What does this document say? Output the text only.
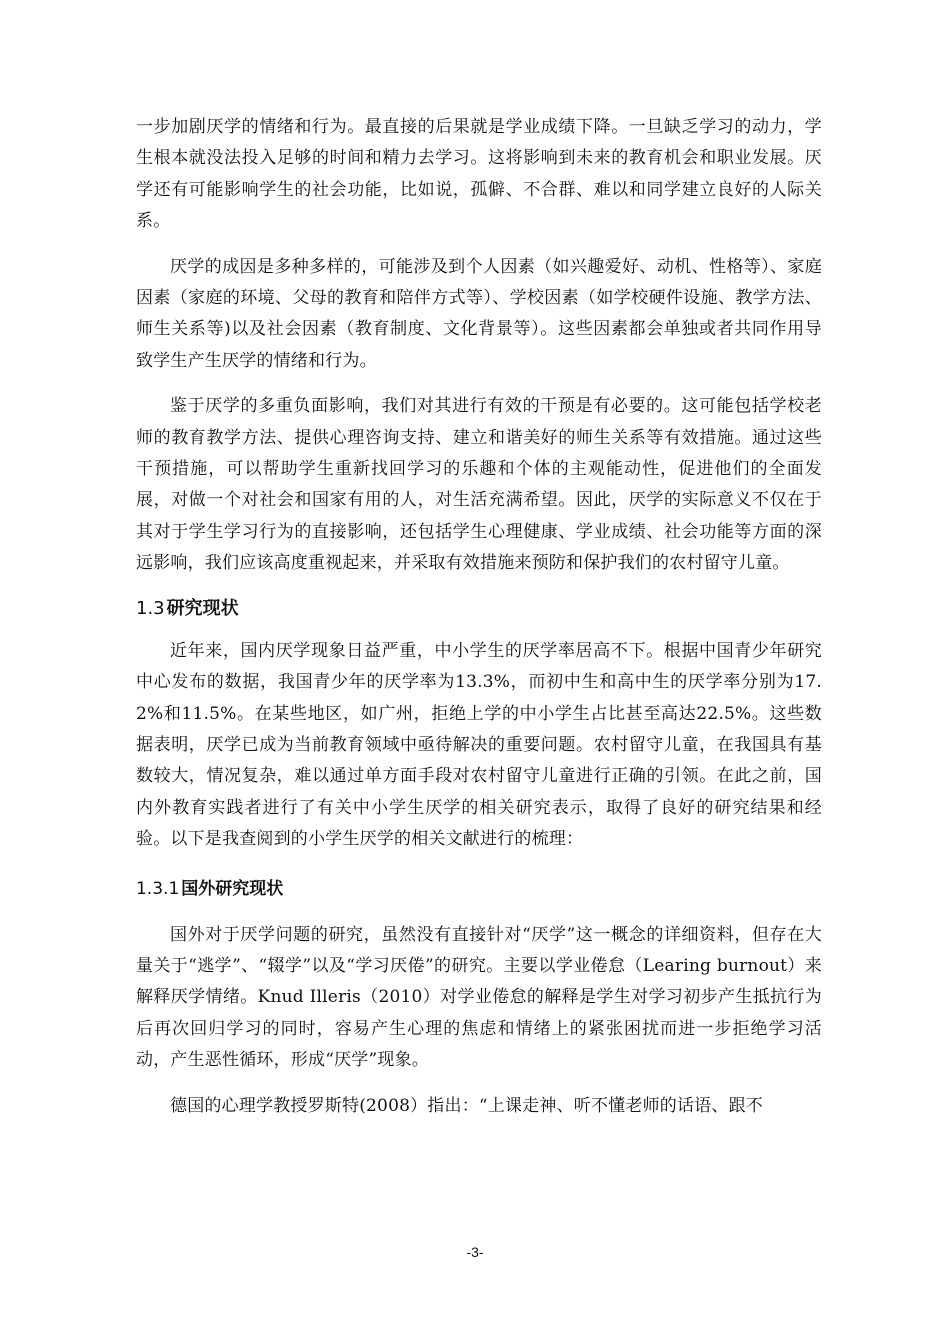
一步加剧厌学的情绪和行为。最直接的后果就是学业成绩下降。一旦缺乏学习的动力，学生根本就没法投入足够的时间和精力去学习。这将影响到未来的教育机会和职业发展。厌学还有可能影响学生的社会功能，比如说，孤僻、不合群、难以和同学建立良好的人际关系。

厌学的成因是多种多样的，可能涉及到个人因素（如兴趣爱好、动机、性格等）、家庭因素（家庭的环境、父母的教育和陪伴方式等）、学校因素（如学校硬件设施、教学方法、师生关系等)以及社会因素（教育制度、文化背景等）。这些因素都会单独或者共同作用导致学生产生厌学的情绪和行为。

鉴于厌学的多重负面影响，我们对其进行有效的干预是有必要的。这可能包括学校老师的教育教学方法、提供心理咨询支持、建立和谐美好的师生关系等有效措施。通过这些干预措施，可以帮助学生重新找回学习的乐趣和个体的主观能动性，促进他们的全面发展，对做一个对社会和国家有用的人，对生活充满希望。因此，厌学的实际意义不仅在于其对于学生学习行为的直接影响，还包括学生心理健康、学业成绩、社会功能等方面的深远影响，我们应该高度重视起来，并采取有效措施来预防和保护我们的农村留守儿童。

1.3 研究现状

近年来，国内厌学现象日益严重，中小学生的厌学率居高不下。根据中国青少年研究中心发布的数据，我国青少年的厌学率为13.3%，而初中生和高中生的厌学率分别为17.2%和11.5%。在某些地区，如广州，拒绝上学的中小学生占比甚至高达22.5%。这些数据表明，厌学已成为当前教育领域中亟待解决的重要问题。农村留守儿童，在我国具有基数较大，情况复杂，难以通过单方面手段对农村留守儿童进行正确的引领。在此之前，国内外教育实践者进行了有关中小学生厌学的相关研究表示，取得了良好的研究结果和经验。以下是我查阅到的小学生厌学的相关文献进行的梳理：

1.3.1 国外研究现状

国外对于厌学问题的研究，虽然没有直接针对“厌学”这一概念的详细资料，但存在大量关于“逃学”、“辍学”以及“学习厌倦”的研究。主要以学业倦怠（Learing burnout）来解释厌学情绪。Knud Illeris（2010）对学业倦怠的解释是学生对学习初步产生抵抗行为后再次回归学习的同时，容易产生心理的焦虑和情绪上的紧张困扰而进一步拒绝学习活动，产生恶性循环，形成“厌学”现象。

德国的心理学教授罗斯特(2008）指出：“上课走神、听不懂老师的话语、跟不

-3-
